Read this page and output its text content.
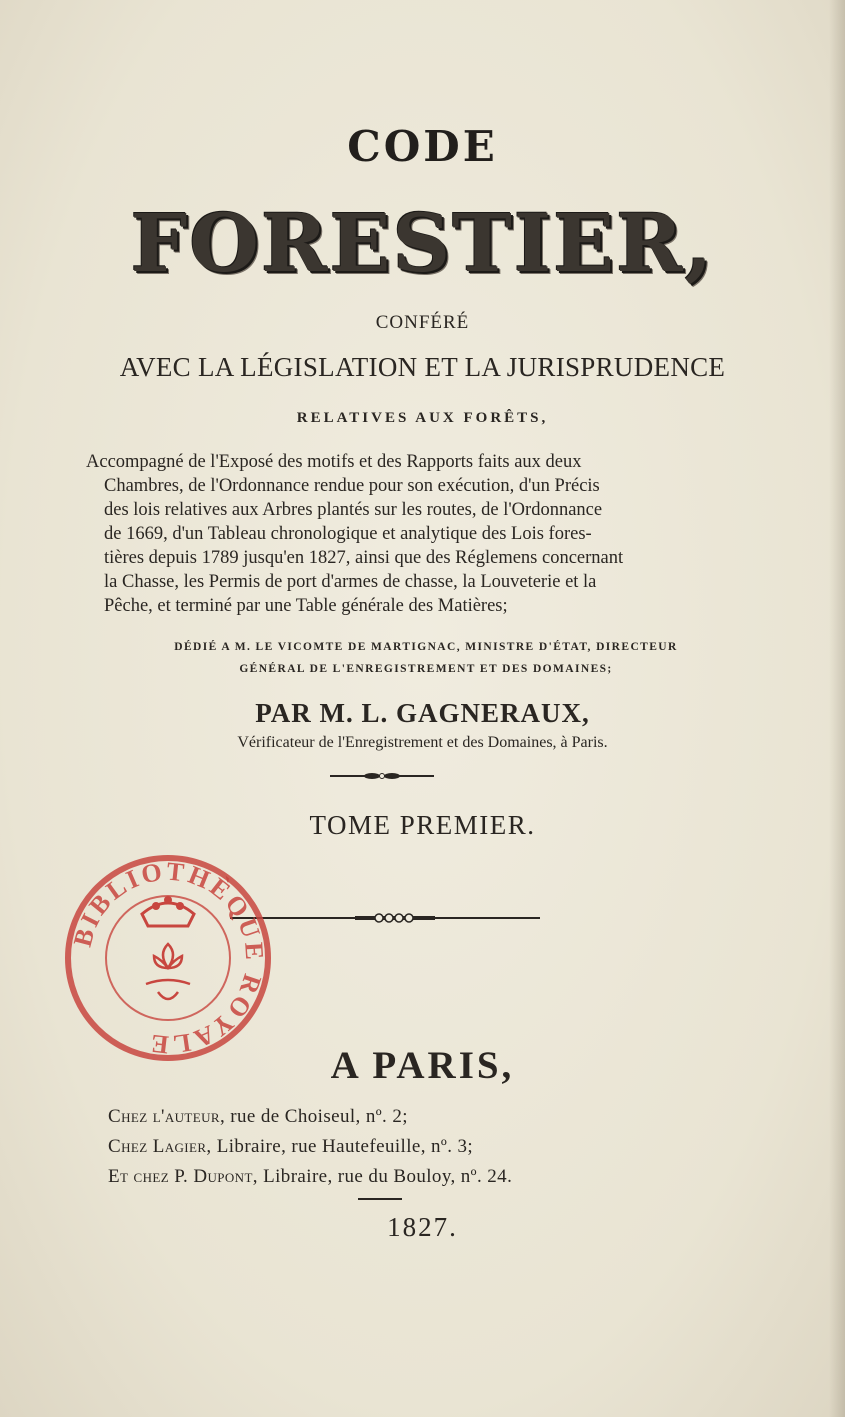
CODE
FORESTIER,
CONFÉRÉ
AVEC LA LÉGISLATION ET LA JURISPRUDENCE
RELATIVES AUX FORÊTS,
Accompagné de l'Exposé des motifs et des Rapports faits aux deux
Chambres, de l'Ordonnance rendue pour son exécution, d'un Précis
des lois relatives aux Arbres plantés sur les routes, de l'Ordonnance
de 1669, d'un Tableau chronologique et analytique des Lois fores-
tières depuis 1789 jusqu'en 1827, ainsi que des Réglemens concernant
la Chasse, les Permis de port d'armes de chasse, la Louveterie et la
Pêche, et terminé par une Table générale des Matières;
DÉDIÉ A M. LE VICOMTE DE MARTIGNAC, MINISTRE D'ÉTAT, DIRECTEUR
GÉNÉRAL DE L'ENREGISTREMENT ET DES DOMAINES;
PAR M. L. GAGNERAUX,
Vérificateur de l'Enregistrement et des Domaines, à Paris.
TOME PREMIER.
BIBLIOTHÈQUE ROYALE
A PARIS,
Chez l'auteur, rue de Choiseul, nº. 2;
Chez Lagier, Libraire, rue Hautefeuille, nº. 3;
Et chez P. Dupont, Libraire, rue du Bouloy, nº. 24.
1827.
